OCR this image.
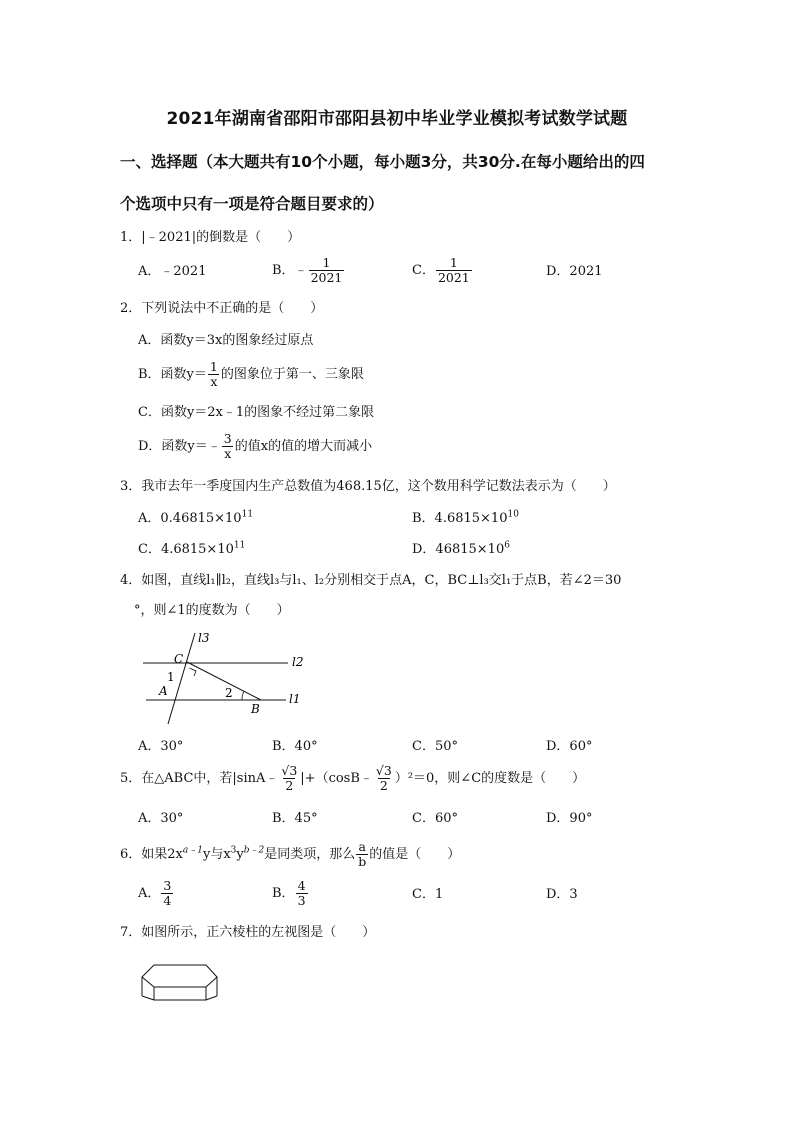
2021年湖南省邵阳市邵阳县初中毕业学业模拟考试数学试题
一、选择题（本大题共有10个小题，每小题3分，共30分.在每小题给出的四
个选项中只有一项是符合题目要求的）
1．|﹣2021|的倒数是（　　）
A．﹣2021	B．﹣ $\frac{1}{2021}$	C． $\frac{1}{2021}$	D．2021
2．下列说法中不正确的是（　　）
A．函数y＝3x的图象经过原点
B．函数$y= \frac{1}{x}$ 的图象位于第一、三象限
C．函数y＝2x﹣1的图象不经过第二象限
D．函数y＝﹣ $\frac{3}{x}$ 的值x的值的增大而减小
3．我市去年一季度国内生产总数值为468.15亿，这个数用科学记数法表示为（　　）
A．$0.46815\times 10^{11}$	B．$4.6815\times 10^{10}$
C．$4.6815\times 10^{11}$	D．$46815\times 10^6$
4．如图，直线l₁∥l₂，直线l₃与l₁、l₂分别相交于点A，C，BC⊥l₃交l₁于点B，若∠2＝30
°，则∠1的度数为（　　）
l3
l2
l1
C
1
A	2
B
A．30°	B．40°	C．50°	D．60°
5．在△ABC中，若|sinA﹣ $\frac{√3}{2}$ |+（cosB﹣ $\frac{√3}{2} )^2=0$，则∠C的度数是（　　）
A．30°	B．45°	C．60°	D．90°
6．如果$2x^{a﹣1}y$与$x^3y^{b﹣2}$是同类项，那么 $\frac{a}{b}$ 的值是（　　）
A． $\frac{3}{4}$	B． $\frac{4}{3}$	C．1	D．3
7．如图所示，正六棱柱的左视图是（　　）
